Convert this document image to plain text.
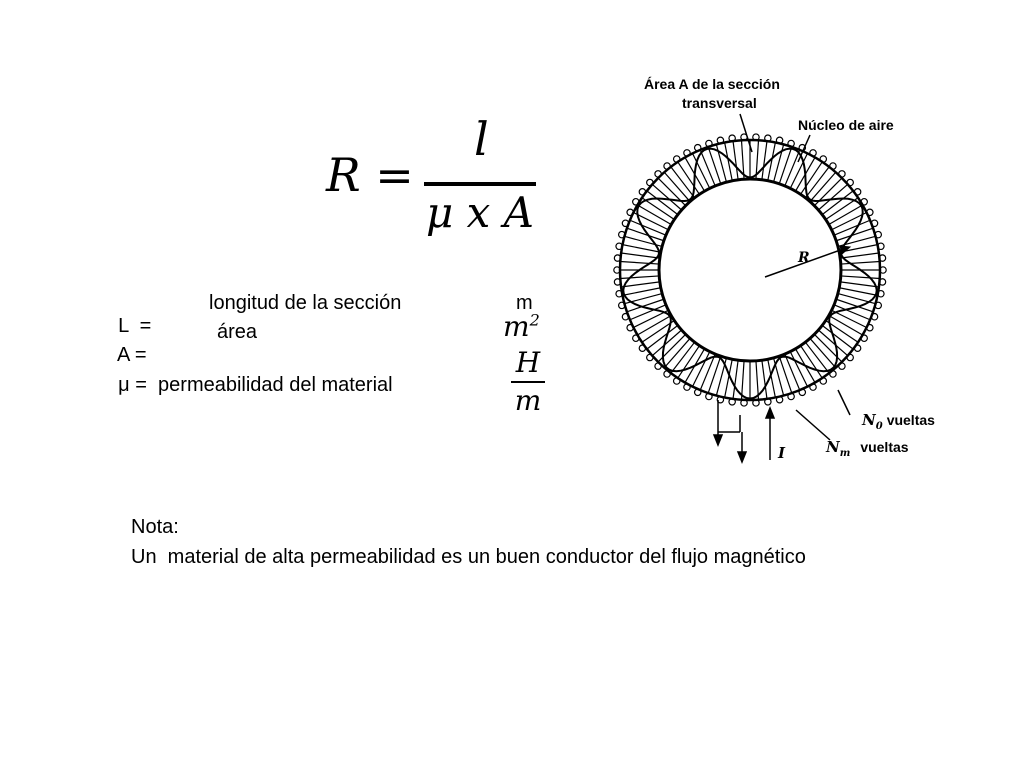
R =
l
μ x A

L =

longitud de la sección	m

A =

área	$m^2$

μ = permeabilidad del material

H
m
Nota:
Un  material de alta permeabilidad es un buen conductor del flujo magnético
Área A de la sección
transversal
Núcleo de aire
R
$N_0$ vueltas
$N_m$ vueltas
I
